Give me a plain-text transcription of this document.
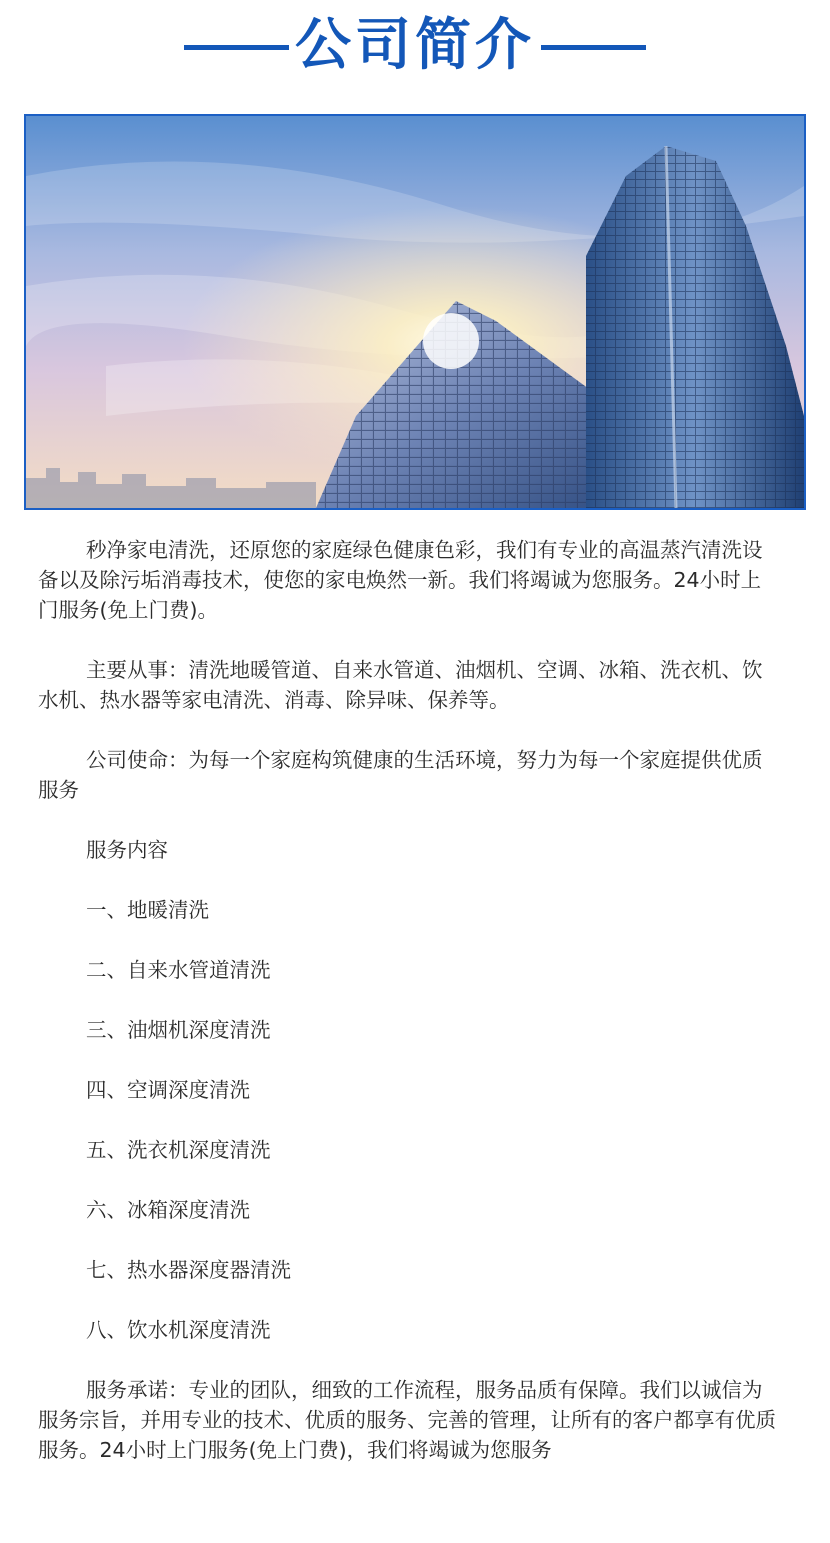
公司简介

秒净家电清洗，还原您的家庭绿色健康色彩，我们有专业的高温蒸汽清洗设备以及除污垢消毒技术，使您的家电焕然一新。我们将竭诚为您服务。24小时上门服务(免上门费)。

主要从事：清洗地暖管道、自来水管道、油烟机、空调、冰箱、洗衣机、饮水机、热水器等家电清洗、消毒、除异味、保养等。

公司使命：为每一个家庭构筑健康的生活环境，努力为每一个家庭提供优质服务

服务内容

一、地暖清洗

二、自来水管道清洗

三、油烟机深度清洗

四、空调深度清洗

五、洗衣机深度清洗

六、冰箱深度清洗

七、热水器深度器清洗

八、饮水机深度清洗

服务承诺：专业的团队，细致的工作流程，服务品质有保障。我们以诚信为服务宗旨，并用专业的技术、优质的服务、完善的管理，让所有的客户都享有优质服务。24小时上门服务(免上门费)，我们将竭诚为您服务
